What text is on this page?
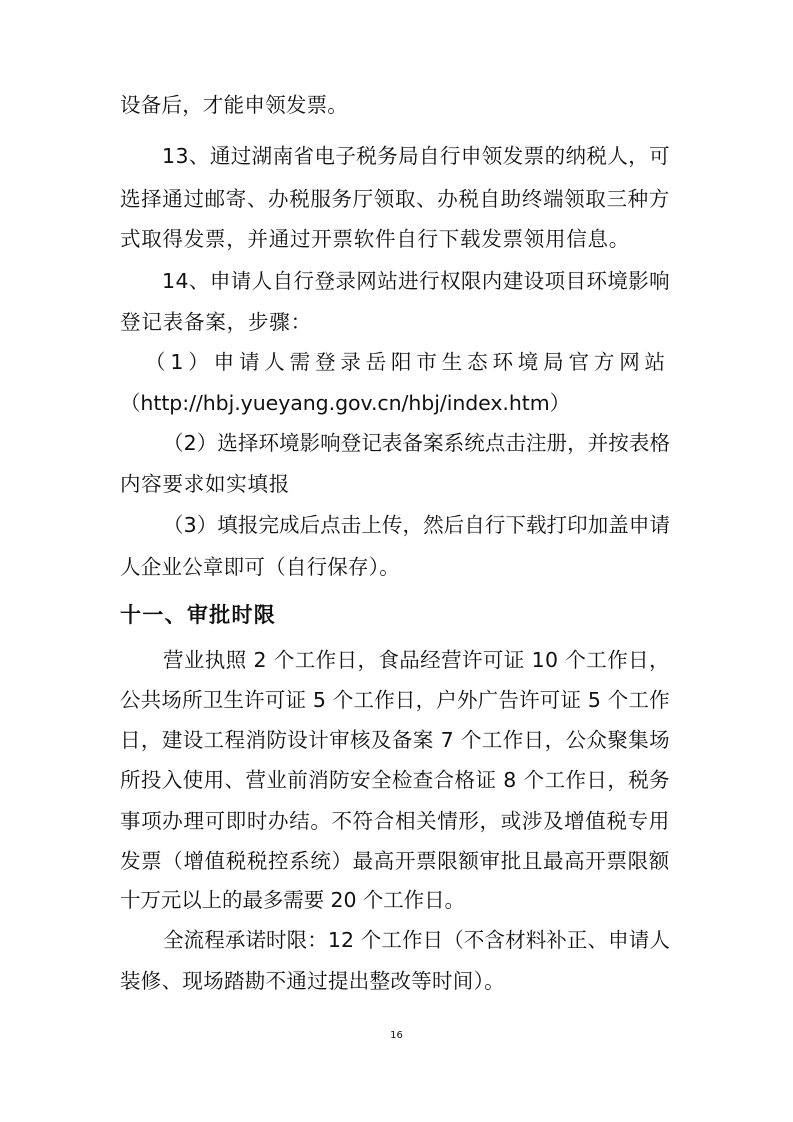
设备后，才能申领发票。
13、通过湖南省电子税务局自行申领发票的纳税人，可
选择通过邮寄、办税服务厅领取、办税自助终端领取三种方
式取得发票，并通过开票软件自行下载发票领用信息。
14、申请人自行登录网站进行权限内建设项目环境影响
登记表备案，步骤：
（1）申请人需登录岳阳市生态环境局官方网站
（http://hbj.yueyang.gov.cn/hbj/index.htm）
（2）选择环境影响登记表备案系统点击注册，并按表格
内容要求如实填报
（3）填报完成后点击上传，然后自行下载打印加盖申请
人企业公章即可（自行保存）。
十一、审批时限
营业执照 2 个工作日，食品经营许可证 10 个工作日，
公共场所卫生许可证 5 个工作日，户外广告许可证 5 个工作
日，建设工程消防设计审核及备案 7 个工作日，公众聚集场
所投入使用、营业前消防安全检查合格证 8 个工作日，税务
事项办理可即时办结。不符合相关情形，或涉及增值税专用
发票（增值税税控系统）最高开票限额审批且最高开票限额
十万元以上的最多需要 20 个工作日。
全流程承诺时限：12 个工作日（不含材料补正、申请人
装修、现场踏勘不通过提出整改等时间）。
16
